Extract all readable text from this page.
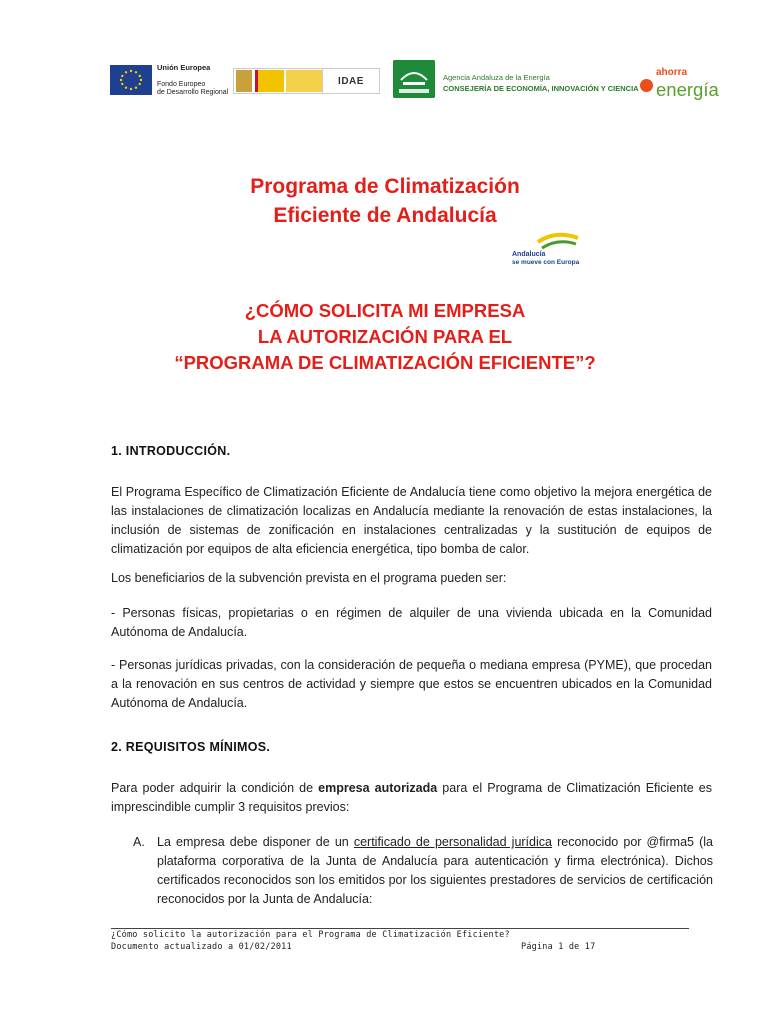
Unión Europea
Fondo Europeo
de Desarrollo Regional
IDAE	Agencia Andaluza de la Energía
CONSEJERÍA DE ECONOMÍA, INNOVACIÓN Y CIENCIA
ahorra
energía
Programa de Climatización
Eficiente de Andalucía
Andalucía
se mueve con Europa
¿CÓMO SOLICITA MI EMPRESA
LA AUTORIZACIÓN PARA EL
“PROGRAMA DE CLIMATIZACIÓN EFICIENTE”?
1. INTRODUCCIÓN.
El Programa Específico de Climatización Eficiente de Andalucía tiene como objetivo la mejora energética de las instalaciones de climatización localizas en Andalucía mediante la renovación de estas instalaciones, la inclusión de sistemas de zonificación en instalaciones centralizadas y la sustitución de equipos de climatización por equipos de alta eficiencia energética, tipo bomba de calor.
Los beneficiarios de la subvención prevista en el programa pueden ser:
- Personas físicas, propietarias o en régimen de alquiler de una vivienda ubicada en la Comunidad Autónoma de Andalucía.
- Personas jurídicas privadas, con la consideración de pequeña o mediana empresa (PYME), que procedan a la renovación en sus centros de actividad y siempre que estos se encuentren ubicados en la Comunidad Autónoma de Andalucía.
2. REQUISITOS MÍNIMOS.
Para poder adquirir la condición de empresa autorizada para el Programa de Climatización Eficiente es imprescindible cumplir 3 requisitos previos:
A. La empresa debe disponer de un certificado de personalidad jurídica reconocido por @firma5 (la plataforma corporativa de la Junta de Andalucía para autenticación y firma electrónica). Dichos certificados reconocidos son los emitidos por los siguientes prestadores de servicios de certificación reconocidos por la Junta de Andalucía:
¿Cómo solicito la autorización para el Programa de Climatización Eficiente?
Documento actualizado a 01/02/2011	Página 1 de 17
